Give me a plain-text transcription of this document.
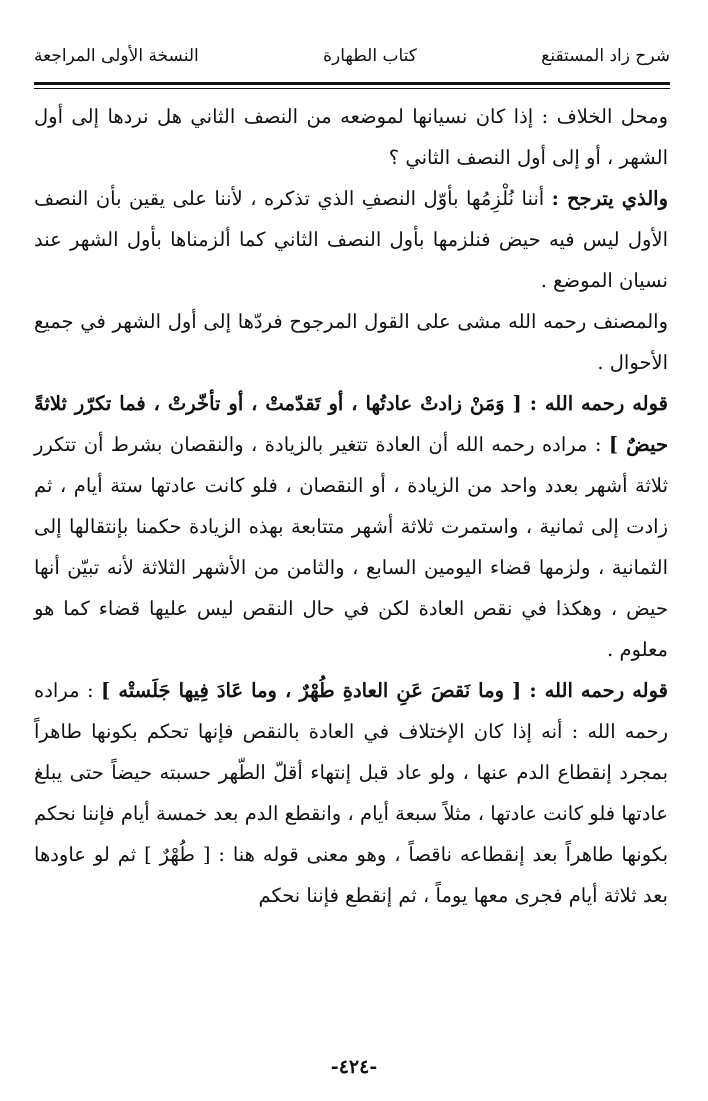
شرح زاد المستقنع
كتاب الطهارة
النسخة الأولى المراجعة

ومحل الخلاف : إذا كان نسيانها لموضعه من النصف الثاني هل نردها إلى أول الشهر ، أو إلى أول النصف الثاني ؟

والذي يترجح : أننا نُلْزِمُها بأوّل النصفِ الذي تذكره ، لأننا على يقين بأن النصف الأول ليس فيه حيض فنلزمها بأول النصف الثاني كما ألزمناها بأول الشهر عند نسيان الموضع .

والمصنف رحمه الله مشى على القول المرجوح فردّها إلى أول الشهر في جميع الأحوال .

قوله رحمه الله : [ وَمَنْ زادتْ عادتُها ، أو تَقدّمتْ ، أو تأخّرتْ ، فما تكرّر ثلاثةً حيضٌ ] : مراده رحمه الله أن العادة تتغير بالزيادة ، والنقصان بشرط أن تتكرر ثلاثة أشهر بعدد واحد من الزيادة ، أو النقصان ، فلو كانت عادتها ستة أيام ، ثم زادت إلى ثمانية ، واستمرت ثلاثة أشهر متتابعة بهذه الزيادة حكمنا بإنتقالها إلى الثمانية ، ولزمها قضاء اليومين السابع ، والثامن من الأشهر الثلاثة لأنه تبيّن أنها حيض ، وهكذا في نقص العادة لكن في حال النقص ليس عليها قضاء كما هو معلوم .

قوله رحمه الله : [ وما نَقصَ عَنِ العادةِ طُهْرٌ ، وما عَادَ فِيها جَلَستْه ] : مراده رحمه الله : أنه إذا كان الإختلاف في العادة بالنقص فإنها تحكم بكونها طاهراً بمجرد إنقطاع الدم عنها ، ولو عاد قبل إنتهاء أقلّ الطّهر حسبته حيضاً حتى يبلغ عادتها فلو كانت عادتها ، مثلاً سبعة أيام ، وانقطع الدم بعد خمسة أيام فإننا نحكم بكونها طاهراً بعد إنقطاعه ناقصاً ، وهو معنى قوله هنا : [ طُهْرٌ ] ثم لو عاودها بعد ثلاثة أيام فجرى معها يوماً ، ثم إنقطع فإننا نحكم

-٤٢٤-
